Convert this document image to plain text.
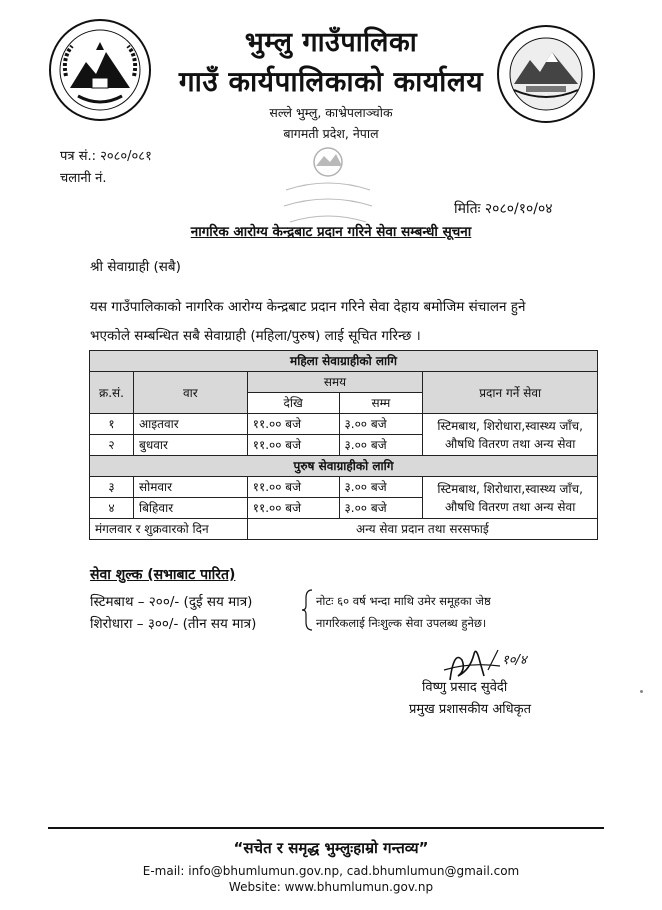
भुम्लु गाउँपालिका
गाउँ कार्यपालिकाको कार्यालय
सल्ले भुम्लु, काभ्रेपलाञ्चोक
बागमती प्रदेश, नेपाल
पत्र सं.: २०८०/०८१
चलानी नं.
मितिः २०८०/१०/०४
नागरिक आरोग्य केन्द्रबाट प्रदान गरिने सेवा सम्बन्धी सूचना
श्री सेवाग्राही (सबै)
यस गाउँपालिकाको नागरिक आरोग्य केन्द्रबाट प्रदान गरिने सेवा देहाय बमोजिम संचालन हुने
भएकोले सम्बन्धित सबै सेवाग्राही (महिला/पुरुष) लाई सूचित गरिन्छ ।
महिला सेवाग्राहीको लागि				
क्र.सं.	वार	समय		प्रदान गर्ने सेवा
		देखि	सम्म	
१	आइतवार	११.०० बजे	३.०० बजे	स्टिमबाथ, शिरोधारा,स्वास्थ्य जाँच,
औषधि वितरण तथा अन्य सेवा

२	बुधवार	११.०० बजे	३.०० बजे	
पुरुष सेवाग्राहीको लागि				
३	सोमवार	११.०० बजे	३.०० बजे	स्टिमबाथ, शिरोधारा,स्वास्थ्य जाँच,
औषधि वितरण तथा अन्य सेवा

४	बिहिवार	११.०० बजे	३.०० बजे	
मंगलवार र शुक्रवारको दिन		अन्य सेवा प्रदान तथा सरसफाई		
सेवा शुल्क (सभाबाट पारित)
स्टिमबाथ – २००/- (दुई सय मात्र)
शिरोधारा – ३००/- (तीन सय मात्र)
नोटः ६० वर्ष भन्दा माथि उमेर समूहका जेष्ठ
नागरिकलाई निःशुल्क सेवा उपलब्ध हुनेछ।
१०/४
विष्णु प्रसाद सुवेदी
प्रमुख प्रशासकीय अधिकृत
“सचेत र समृद्ध भुम्लुःहाम्रो गन्तव्य”
E-mail: info@bhumlumun.gov.np, cad.bhumlumun@gmail.com
Website: www.bhumlumun.gov.np
